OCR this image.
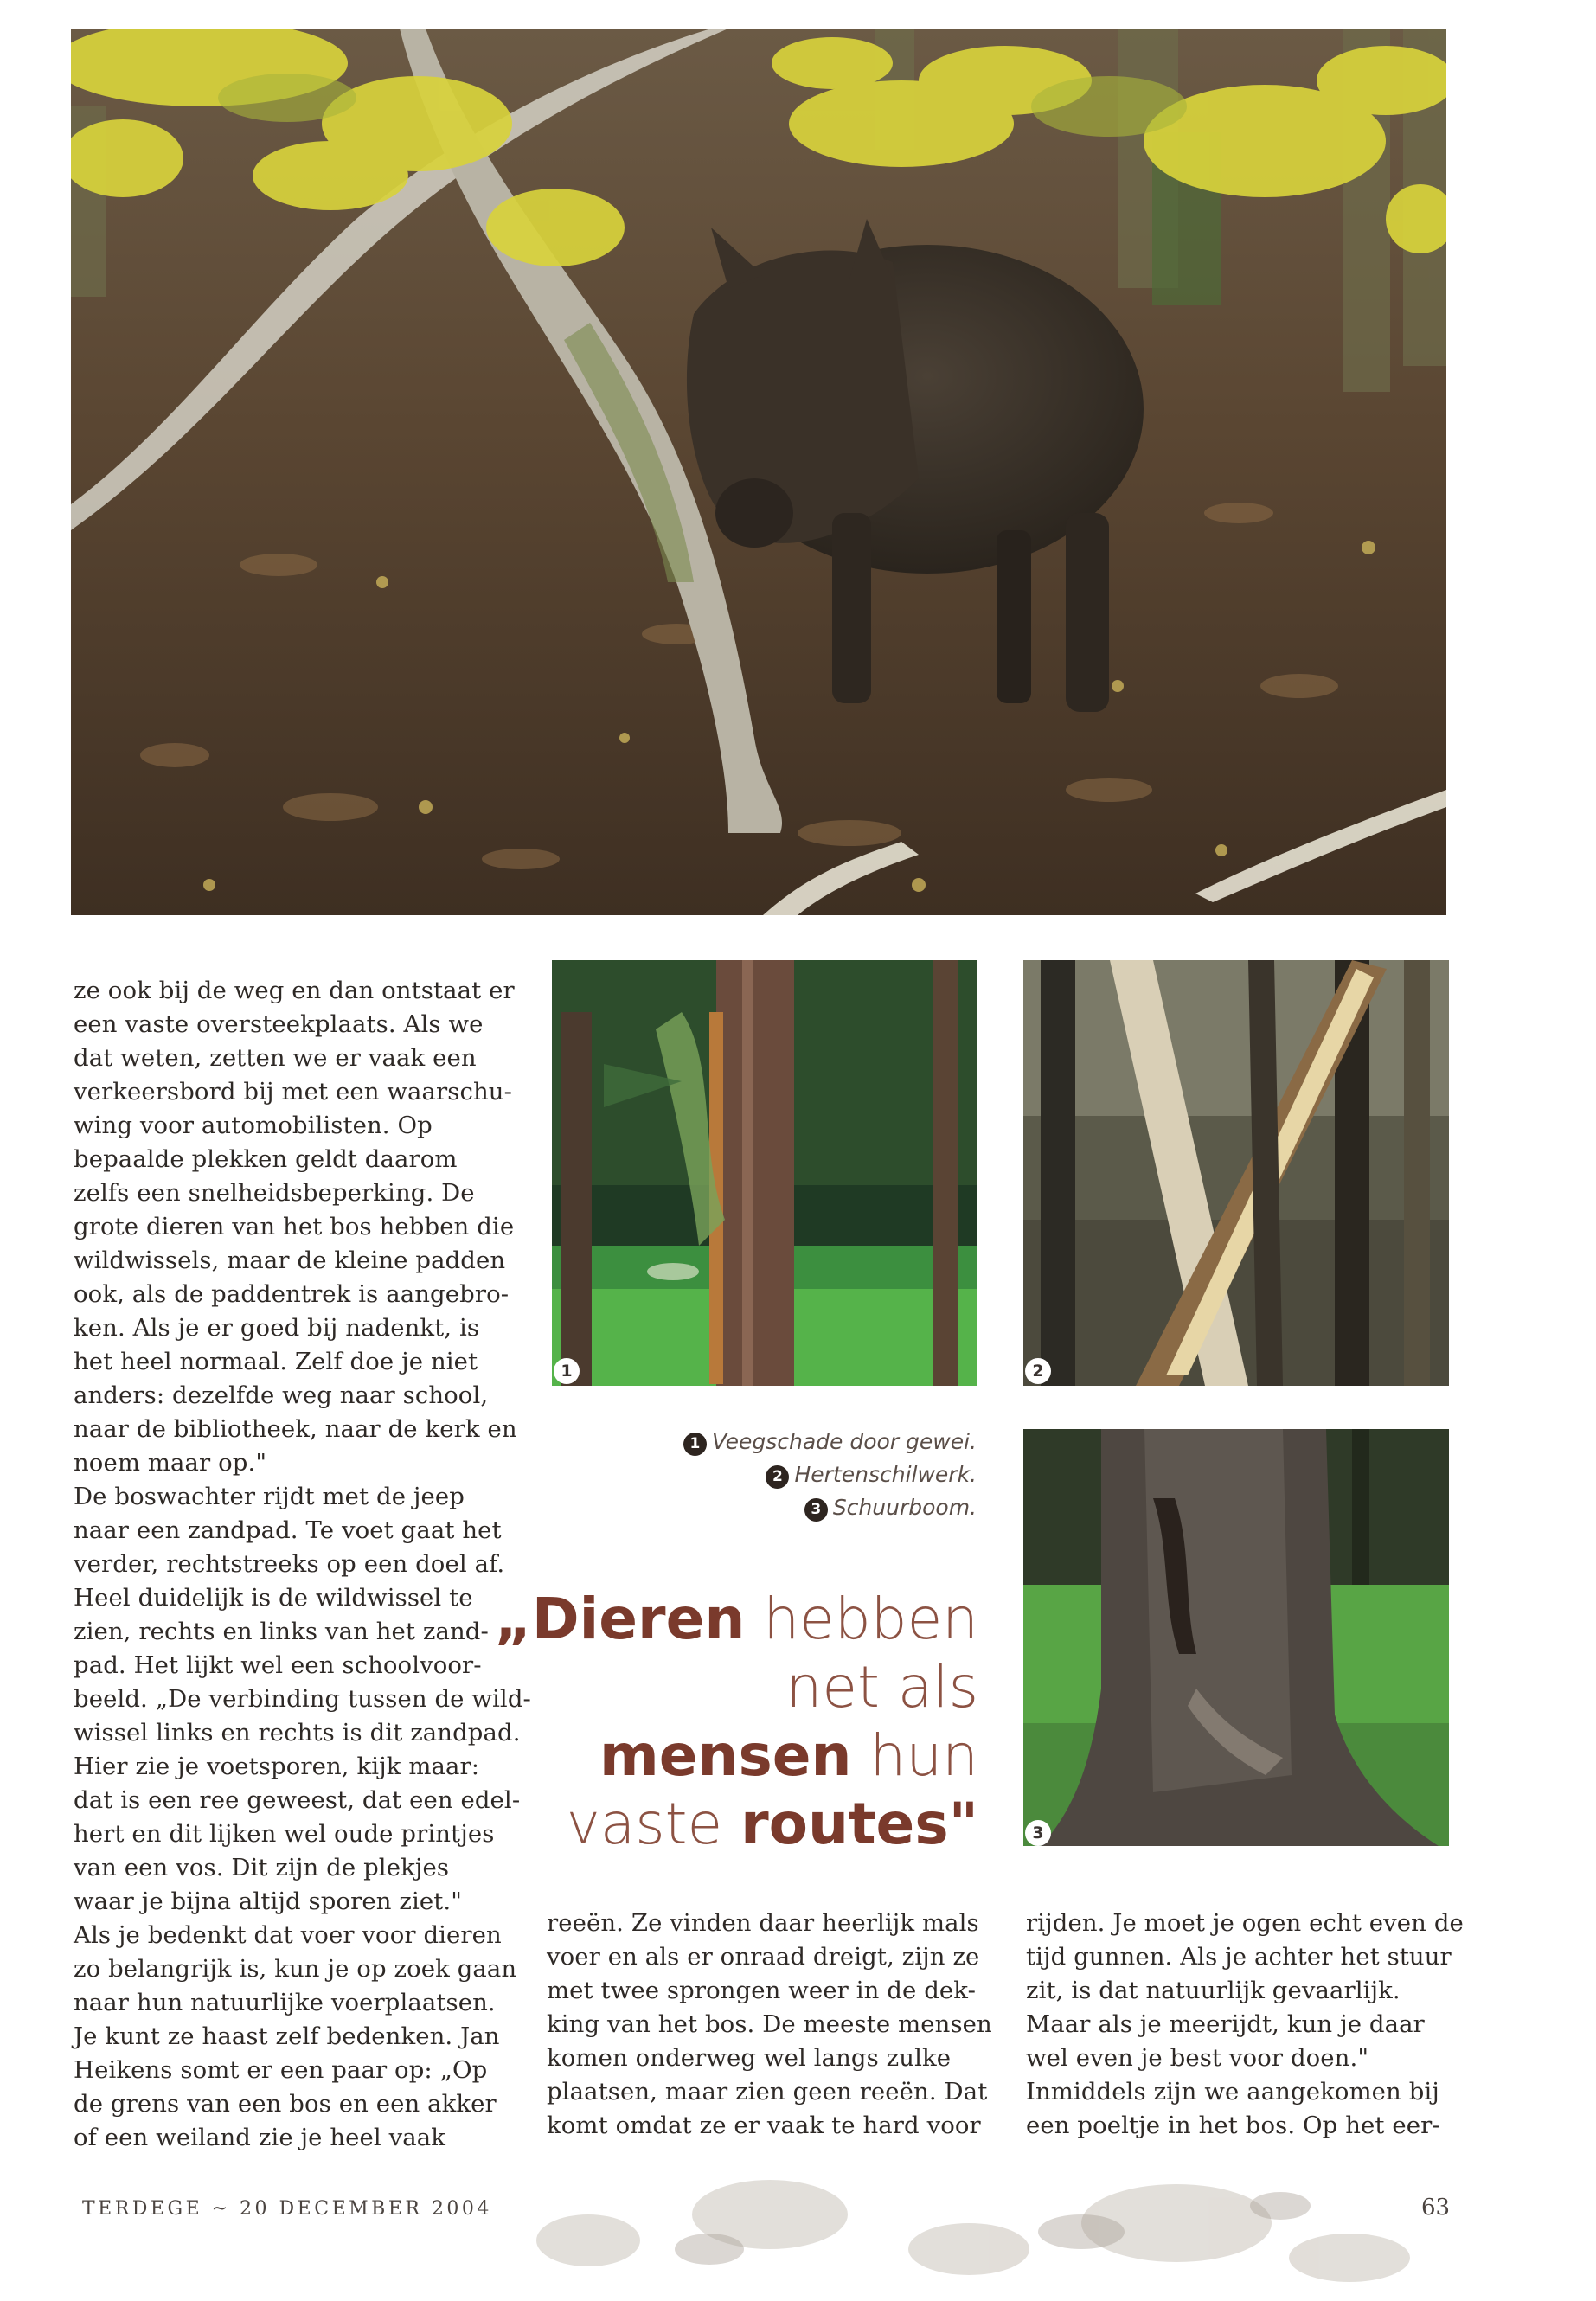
1	2
3

ze ook bij de weg en dan ontstaat er

een vaste oversteekplaats. Als we

dat weten, zetten we er vaak een

verkeersbord bij met een waarschu-

wing voor automobilisten. Op

bepaalde plekken geldt daarom

zelfs een snelheidsbeperking. De

grote dieren van het bos hebben die

wildwissels, maar de kleine padden

ook, als de paddentrek is aangebro-

ken. Als je er goed bij nadenkt, is

het heel normaal. Zelf doe je niet

anders: dezelfde weg naar school,

naar de bibliotheek, naar de kerk en

noem maar op."

De boswachter rijdt met de jeep

naar een zandpad. Te voet gaat het

verder, rechtstreeks op een doel af.

Heel duidelijk is de wildwissel te

zien, rechts en links van het zand-

pad. Het lijkt wel een schoolvoor-

beeld. „De verbinding tussen de wild-

wissel links en rechts is dit zandpad.

Hier zie je voetsporen, kijk maar:

dat is een ree geweest, dat een edel-

hert en dit lijken wel oude printjes

van een vos. Dit zijn de plekjes

waar je bijna altijd sporen ziet."

Als je bedenkt dat voer voor dieren

zo belangrijk is, kun je op zoek gaan

naar hun natuurlijke voerplaatsen.

Je kunt ze haast zelf bedenken. Jan

Heikens somt er een paar op: „Op

de grens van een bos en een akker

of een weiland zie je heel vaak

1 Veegschade door gewei.
2 Hertenschilwerk.
3 Schuurboom.
„Dieren hebben
net als
mensen hun
vaste routes"

reeën. Ze vinden daar heerlijk mals

voer en als er onraad dreigt, zijn ze

met twee sprongen weer in de dek-

king van het bos. De meeste mensen

komen onderweg wel langs zulke

plaatsen, maar zien geen reeën. Dat

komt omdat ze er vaak te hard voor

rijden. Je moet je ogen echt even de

tijd gunnen. Als je achter het stuur

zit, is dat natuurlijk gevaarlijk.

Maar als je meerijdt, kun je daar

wel even je best voor doen."

Inmiddels zijn we aangekomen bij

een poeltje in het bos. Op het eer-

TERDEGE ~ 20 DECEMBER 2004	63
